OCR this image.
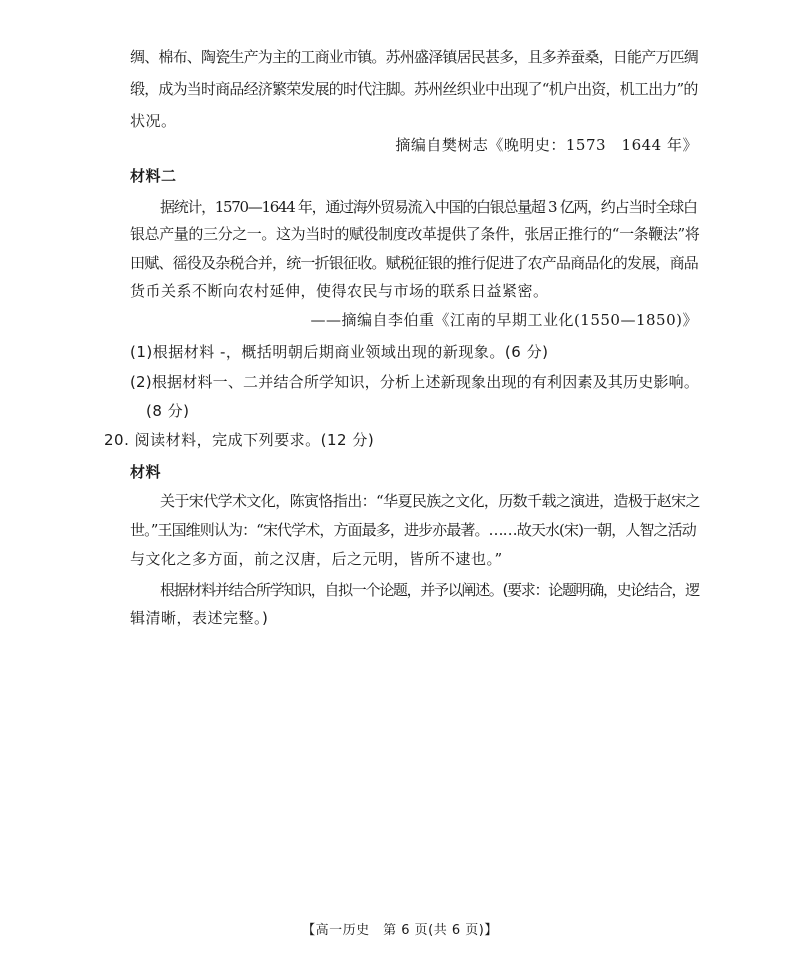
绸、棉布、陶瓷生产为主的工商业市镇。苏州盛泽镇居民甚多，且多养蚕桑，日能产万匹绸
缎，成为当时商品经济繁荣发展的时代注脚。苏州丝织业中出现了“机户出资，机工出力”的
状况。
摘编自樊树志《晚明史：1573　1644 年》
材料二
据统计，1570—1644 年，通过海外贸易流入中国的白银总量超 3 亿两，约占当时全球白
银总产量的三分之一。这为当时的赋役制度改革提供了条件，张居正推行的“一条鞭法”将
田赋、徭役及杂税合并，统一折银征收。赋税征银的推行促进了农产品商品化的发展，商品
货币关系不断向农村延伸，使得农民与市场的联系日益紧密。
——摘编自李伯重《江南的早期工业化(1550—1850)》
(1)根据材料 -，概括明朝后期商业领域出现的新现象。(6 分)
(2)根据材料一、二并结合所学知识，分析上述新现象出现的有利因素及其历史影响。
(8 分)
20. 阅读材料，完成下列要求。(12 分)
材料
关于宋代学术文化，陈寅恪指出：“华夏民族之文化，历数千载之演进，造极于赵宋之
世。”王国维则认为：“宋代学术，方面最多，进步亦最著。……故天水(宋)一朝，人智之活动
与文化之多方面，前之汉唐，后之元明，皆所不逮也。”
根据材料并结合所学知识，自拟一个论题，并予以阐述。(要求：论题明确，史论结合，逻
辑清晰，表述完整。)
【高一历史　第 6 页(共 6 页)】
